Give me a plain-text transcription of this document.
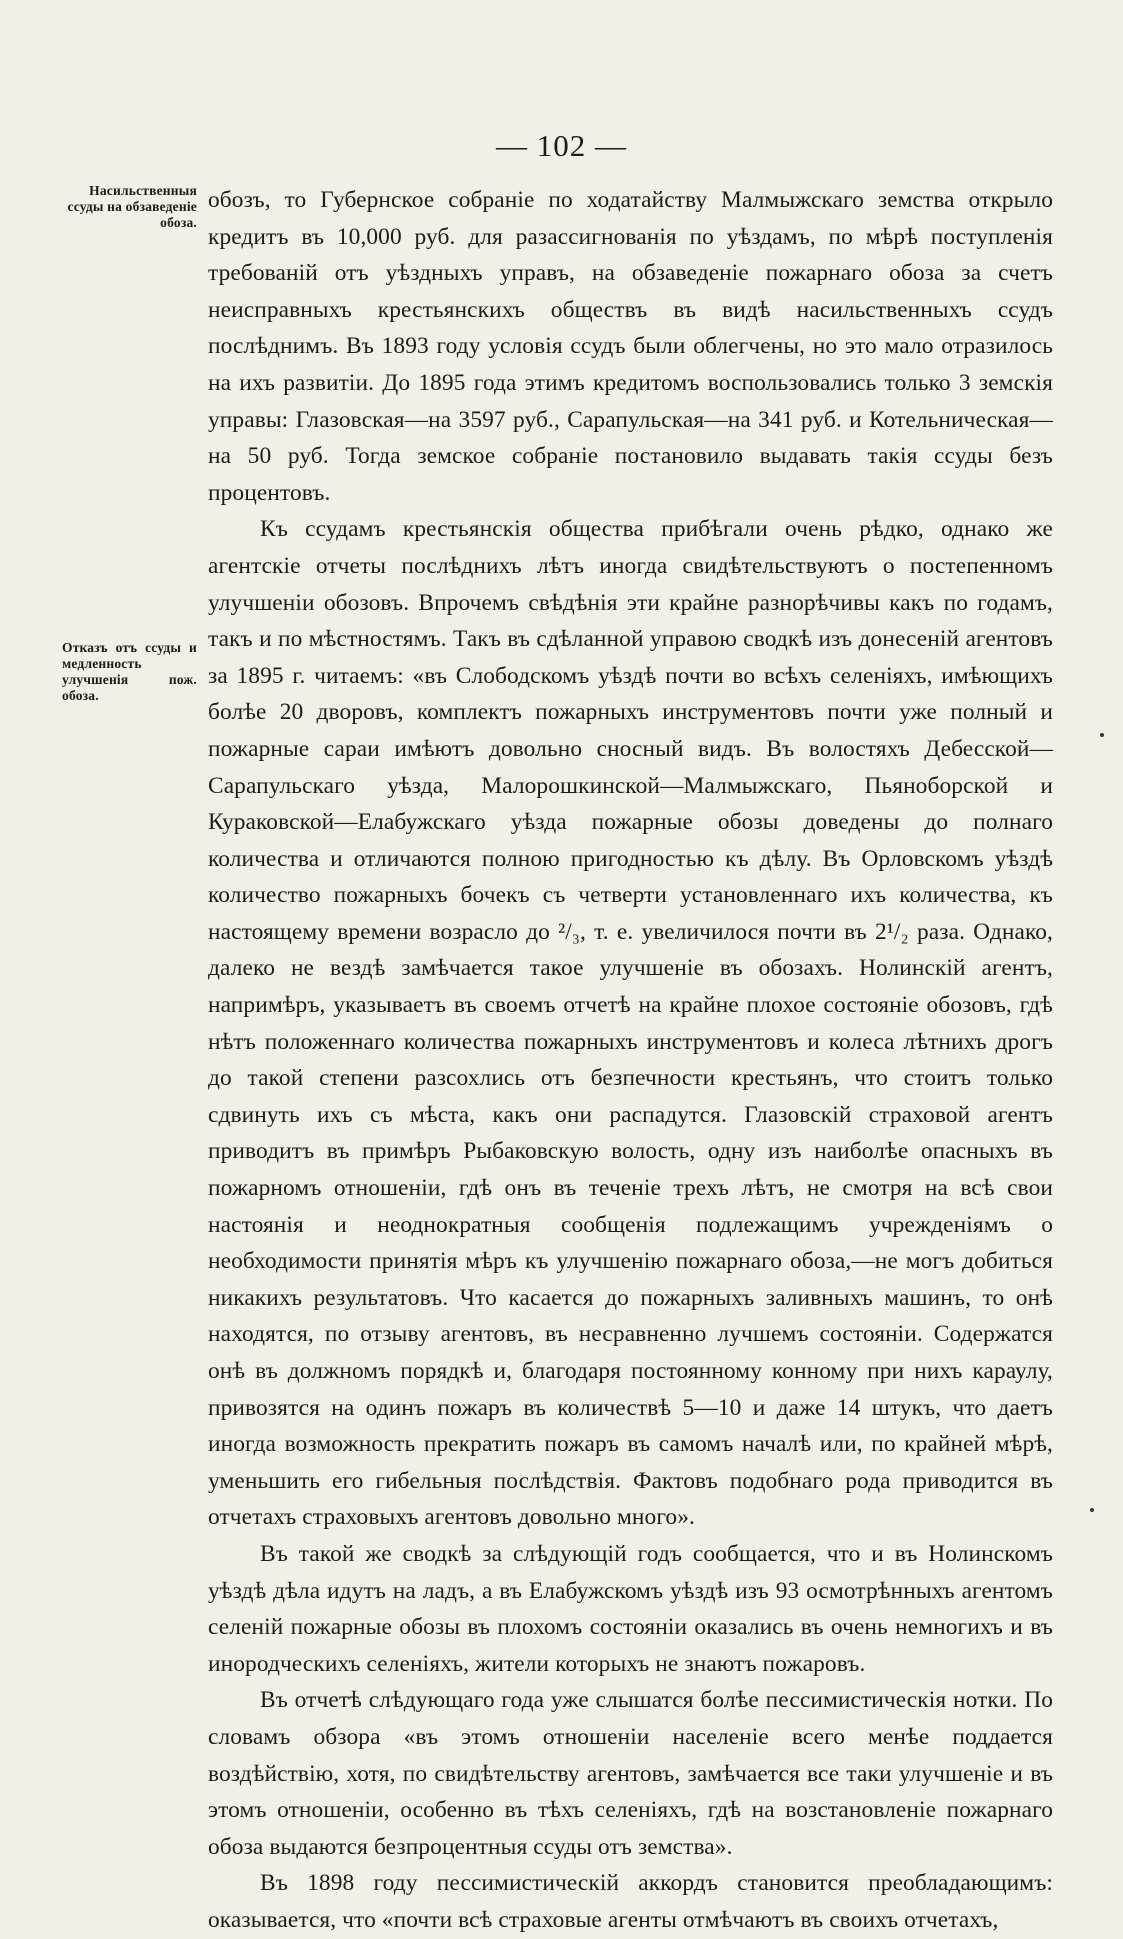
— 102 —
Насильственныя ссуды на обзаведеніе обоза.
Отказъ отъ ссуды и медленность улучшенія пож. обоза.

обозъ, то Губернское собраніе по ходатайству Малмыжскаго земства открыло кредитъ въ 10,000 руб. для разассигнованія по уѣздамъ, по мѣрѣ поступленія требованій отъ уѣздныхъ управъ, на обзаведеніе пожарнаго обоза за счетъ неисправныхъ крестьянскихъ обществъ въ видѣ насильственныхъ ссудъ послѣднимъ. Въ 1893 году условія ссудъ были облегчены, но это мало отразилось на ихъ развитіи. До 1895 года этимъ кредитомъ воспользовались только 3 земскія управы: Глазовская—на 3597 руб., Сарапульская—на 341 руб. и Котельническая—на 50 руб. Тогда земское собраніе постановило выдавать такія ссуды безъ процентовъ.

Къ ссудамъ крестьянскія общества прибѣгали очень рѣдко, однако же агентскіе отчеты послѣднихъ лѣтъ иногда свидѣтельствуютъ о постепенномъ улучшеніи обозовъ. Впрочемъ свѣдѣнія эти крайне разнорѣчивы какъ по годамъ, такъ и по мѣстностямъ. Такъ въ сдѣланной управою сводкѣ изъ донесеній агентовъ за 1895 г. читаемъ: «въ Слободскомъ уѣздѣ почти во всѣхъ селеніяхъ, имѣющихъ болѣе 20 дворовъ, комплектъ пожарныхъ инструментовъ почти уже полный и пожарные сараи имѣютъ довольно сносный видъ. Въ волостяхъ Дебесской—Сарапульскаго уѣзда, Малорошкинской—Малмыжскаго, Пьяноборской и Кураковской—Елабужскаго уѣзда пожарные обозы доведены до полнаго количества и отличаются полною пригодностью къ дѣлу. Въ Орловскомъ уѣздѣ количество пожарныхъ бочекъ съ четверти установленнаго ихъ количества, къ настоящему времени возрасло до ²/₃, т. е. увеличилося почти въ 2¹/₂ раза. Однако, далеко не вездѣ замѣчается такое улучшеніе въ обозахъ. Нолинскій агентъ, напримѣръ, указываетъ въ своемъ отчетѣ на крайне плохое состояніе обозовъ, гдѣ нѣтъ положеннаго количества пожарныхъ инструментовъ и колеса лѣтнихъ дрогъ до такой степени разсохлись отъ безпечности крестьянъ, что стоитъ только сдвинуть ихъ съ мѣста, какъ они распадутся. Глазовскій страховой агентъ приводитъ въ примѣръ Рыбаковскую волость, одну изъ наиболѣе опасныхъ въ пожарномъ отношеніи, гдѣ онъ въ теченіе трехъ лѣтъ, не смотря на всѣ свои настоянія и неоднократныя сообщенія подлежащимъ учрежденіямъ о необходимости принятія мѣръ къ улучшенію пожарнаго обоза,—не могъ добиться никакихъ результатовъ. Что касается до пожарныхъ заливныхъ машинъ, то онѣ находятся, по отзыву агентовъ, въ несравненно лучшемъ состояніи. Содержатся онѣ въ должномъ порядкѣ и, благодаря постоянному конному при нихъ караулу, привозятся на одинъ пожаръ въ количествѣ 5—10 и даже 14 штукъ, что даетъ иногда возможность прекратить пожаръ въ самомъ началѣ или, по крайней мѣрѣ, уменьшить его гибельныя послѣдствія. Фактовъ подобнаго рода приводится въ отчетахъ страховыхъ агентовъ довольно много».

Въ такой же сводкѣ за слѣдующій годъ сообщается, что и въ Нолинскомъ уѣздѣ дѣла идутъ на ладъ, а въ Елабужскомъ уѣздѣ изъ 93 осмотрѣнныхъ агентомъ селеній пожарные обозы въ плохомъ состояніи оказались въ очень немногихъ и въ инородческихъ селеніяхъ, жители которыхъ не знаютъ пожаровъ.

Въ отчетѣ слѣдующаго года уже слышатся болѣе пессимистическія нотки. По словамъ обзора «въ этомъ отношеніи населеніе всего менѣе поддается воздѣйствію, хотя, по свидѣтельству агентовъ, замѣчается все таки улучшеніе и въ этомъ отношеніи, особенно въ тѣхъ селеніяхъ, гдѣ на возстановленіе пожарнаго обоза выдаются безпроцентныя ссуды отъ земства».

Въ 1898 году пессимистическій аккордъ становится преобладающимъ: оказывается, что «почти всѣ страховые агенты отмѣчаютъ въ своихъ отчетахъ,
